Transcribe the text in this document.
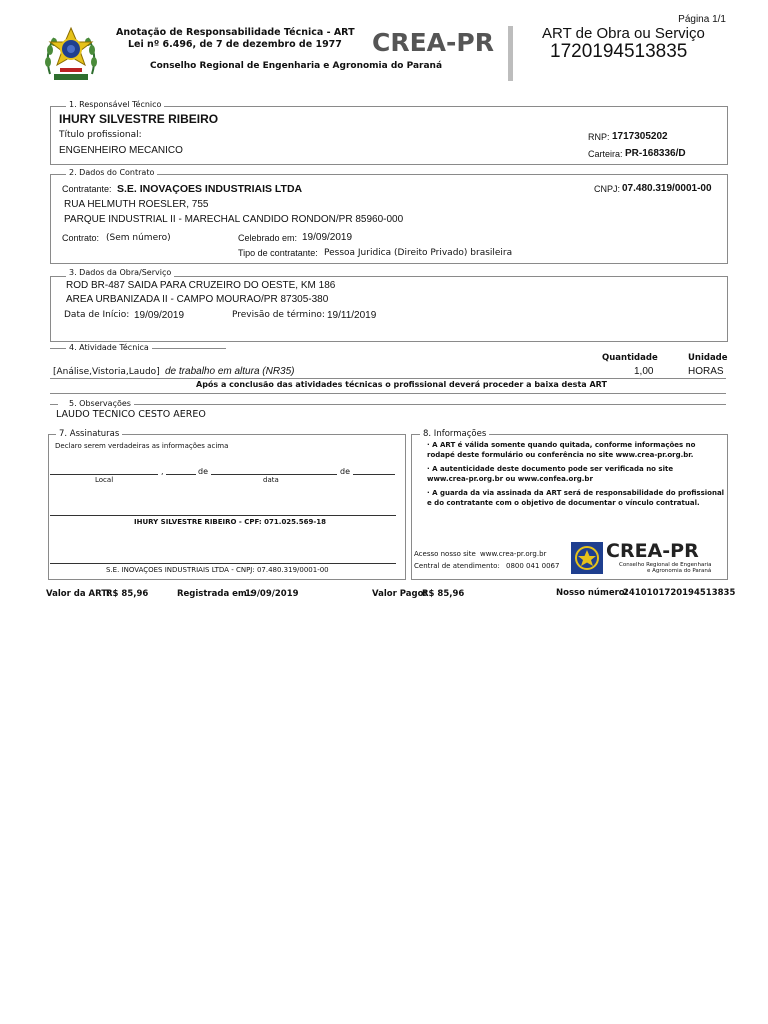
Anotação de Responsabilidade Técnica - ART
Lei nº 6.496, de 7 de dezembro de 1977
Conselho Regional de Engenharia e Agronomia do Paraná
CREA-PR
Página 1/1
ART de Obra ou Serviço
1720194513835
1. Responsável Técnico
IHURY SILVESTRE RIBEIRO
Título profissional:
ENGENHEIRO MECANICO
RNP: 1717305202
Carteira: PR-168336/D
2. Dados do Contrato
Contratante: S.E. INOVAÇOES INDUSTRIAIS LTDA	CNPJ: 07.480.319/0001-00
RUA HELMUTH ROESLER, 755
PARQUE INDUSTRIAL II - MARECHAL CANDIDO RONDON/PR 85960-000
Contrato: (Sem número)	Celebrado em: 19/09/2019
Tipo de contratante: Pessoa Juridica (Direito Privado) brasileira
3. Dados da Obra/Serviço
ROD BR-487 SAIDA PARA CRUZEIRO DO OESTE, KM 186
AREA URBANIZADA II - CAMPO MOURAO/PR 87305-380
Data de Início: 19/09/2019	Previsão de término: 19/11/2019
4. Atividade Técnica
Quantidade	Unidade
[Análise,Vistoria,Laudo] de trabalho em altura (NR35)	1,00	HORAS
Após a conclusão das atividades técnicas o profissional deverá proceder a baixa desta ART
5. Observações
LAUDO TECNICO CESTO AEREO
7. Assinaturas
Declaro serem verdadeiras as informações acima
,	de	de
Local	data
IHURY SILVESTRE RIBEIRO - CPF: 071.025.569-18
S.E. INOVAÇOES INDUSTRIAIS LTDA - CNPJ: 07.480.319/0001-00
8. Informações
· A ART é válida somente quando quitada, conforme informações no
rodapé deste formulário ou conferência no site www.crea-pr.org.br.
· A autenticidade deste documento pode ser verificada no site
www.crea-pr.org.br ou www.confea.org.br
· A guarda da via assinada da ART será de responsabilidade do profissional
e do contratante com o objetivo de documentar o vínculo contratual.
Acesso nosso site www.crea-pr.org.br
Central de atendimento: 0800 041 0067
CREA-PR
Conselho Regional de Engenharia
e Agronomia do Paraná
Valor da ART:
R$ 85,96	Registrada em :
19/09/2019	Valor Pago:
R$ 85,96	Nosso número:
2410101720194513835
